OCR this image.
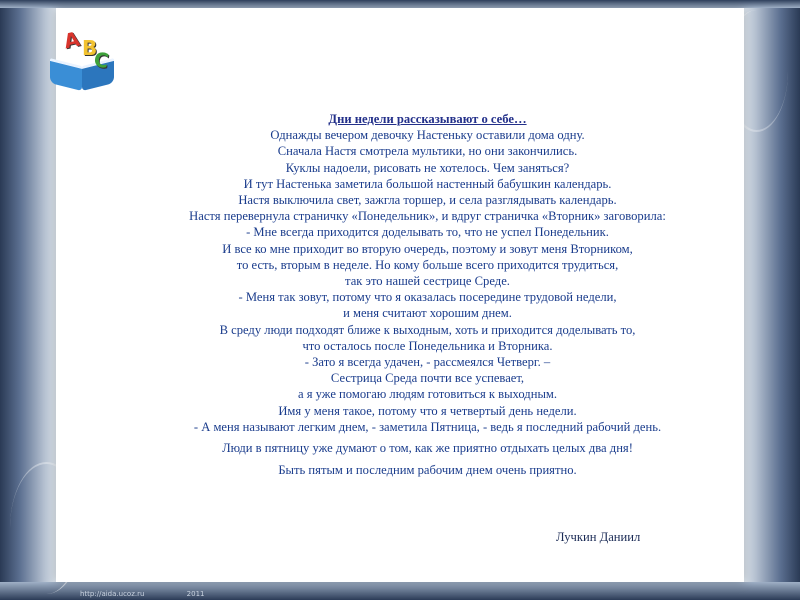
A B
C
Дни недели рассказывают о себе…
Однажды вечером девочку Настеньку оставили дома одну.
Сначала Настя смотрела мультики, но они закончились.
Куклы надоели, рисовать не хотелось. Чем заняться?
И тут Настенька заметила большой настенный бабушкин календарь.
Настя выключила свет, зажгла торшер, и села разглядывать календарь.
Настя перевернула страничку «Понедельник», и вдруг страничка «Вторник» заговорила:
- Мне всегда приходится доделывать то, что не успел Понедельник.
И все ко мне приходит во вторую очередь, поэтому и зовут меня Вторником,
то есть, вторым в неделе. Но кому больше всего приходится трудиться,
так это нашей сестрице Среде.
- Меня так зовут, потому что я оказалась посередине трудовой недели,
и меня считают хорошим днем.
В среду люди подходят ближе к выходным, хоть и приходится доделывать то,
что осталось после Понедельника и Вторника.
- Зато я всегда удачен, - рассмеялся Четверг. –
Сестрица Среда почти все успевает,
а я уже помогаю людям готовиться к выходным.
Имя у меня такое, потому что я четвертый день недели.
- А меня называют легким днем, - заметила Пятница, - ведь я последний рабочий день.
Люди в пятницу уже думают о том, как же приятно отдыхать целых два дня!
Быть пятым и последним рабочим днем очень приятно.
Лучкин Даниил
http://aida.ucoz.ru	2011
